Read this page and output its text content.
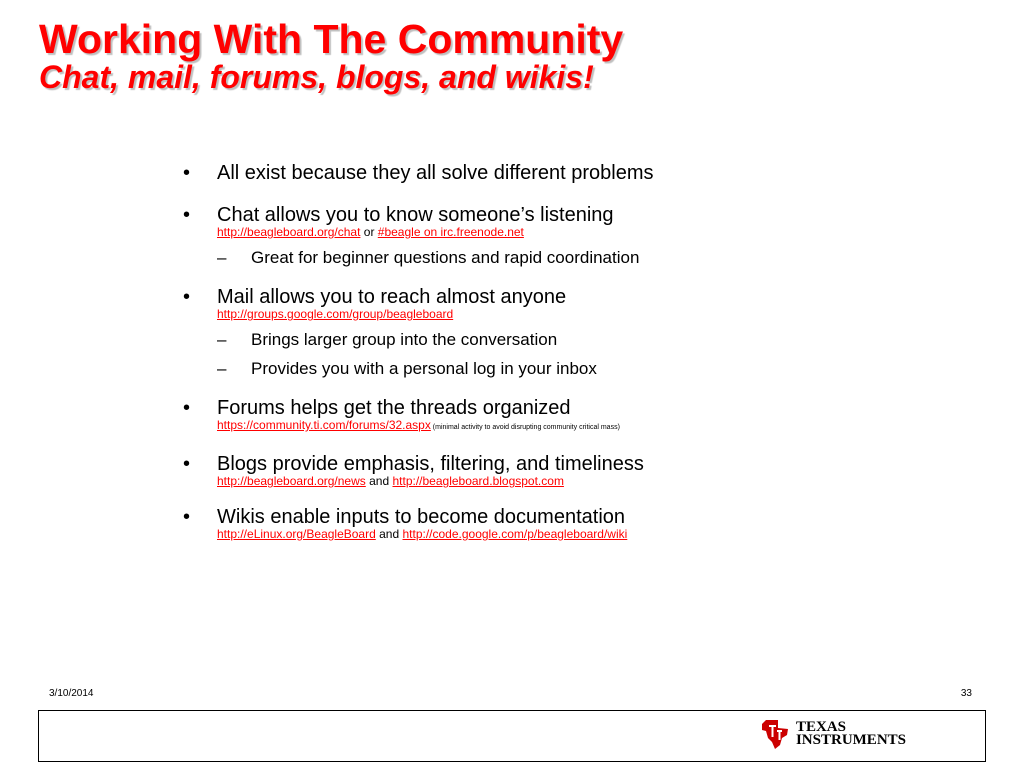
Working With The Community
Chat, mail, forums, blogs, and wikis!
• All exist because they all solve different problems
• Chat allows you to know someone’s listening
http://beagleboard.org/chat or #beagle on irc.freenode.net
– Great for beginner questions and rapid coordination
• Mail allows you to reach almost anyone
http://groups.google.com/group/beagleboard
– Brings larger group into the conversation
– Provides you with a personal log in your inbox
• Forums helps get the threads organized
https://community.ti.com/forums/32.aspx (minimal activity to avoid disrupting community critical mass)
• Blogs provide emphasis, filtering, and timeliness
http://beagleboard.org/news and http://beagleboard.blogspot.com
• Wikis enable inputs to become documentation
http://eLinux.org/BeagleBoard and http://code.google.com/p/beagleboard/wiki
3/10/2014	33
TEXAS
INSTRUMENTS
